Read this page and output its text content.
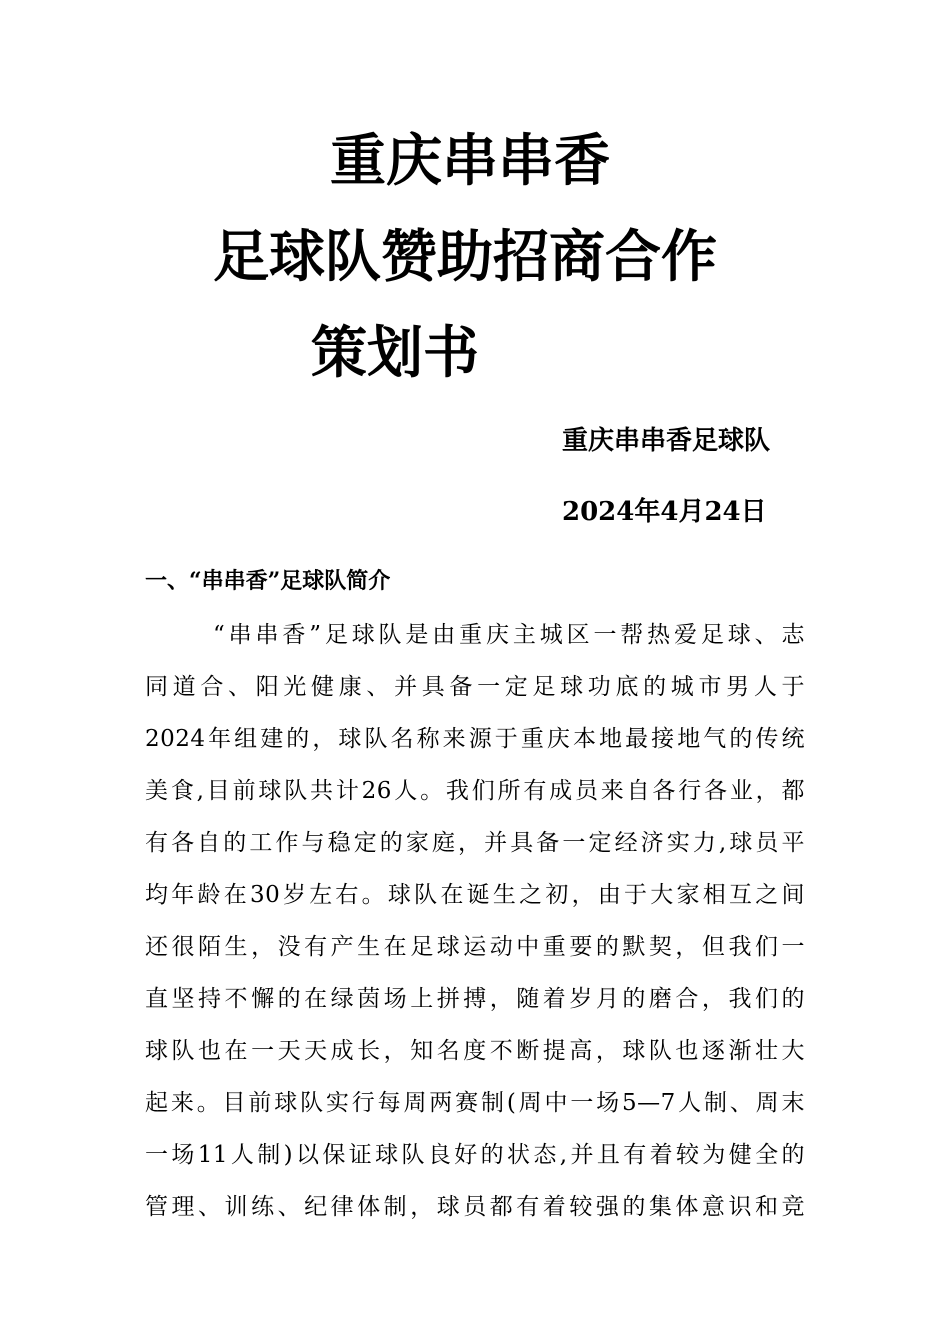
重庆串串香
足球队赞助招商合作
策划书
重庆串串香足球队
2024年4月24日
一、“串串香”足球队简介
“串串香”足球队是由重庆主城区一帮热爱足球、志
同道合、阳光健康、并具备一定足球功底的城市男人于
2024年组建的，球队名称来源于重庆本地最接地气的传统
美食,目前球队共计26人。我们所有成员来自各行各业，都
有各自的工作与稳定的家庭，并具备一定经济实力,球员平
均年龄在30岁左右。球队在诞生之初，由于大家相互之间
还很陌生，没有产生在足球运动中重要的默契，但我们一
直坚持不懈的在绿茵场上拼搏，随着岁月的磨合，我们的
球队也在一天天成长，知名度不断提高，球队也逐渐壮大
起来。目前球队实行每周两赛制(周中一场5—7人制、周末
一场11人制)以保证球队良好的状态,并且有着较为健全的
管理、训练、纪律体制，球员都有着较强的集体意识和竞
